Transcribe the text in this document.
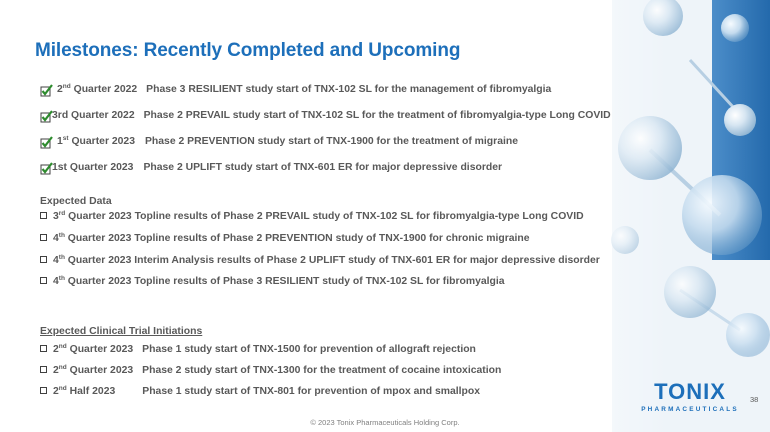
Milestones: Recently Completed and Upcoming
2nd Quarter 2022 Phase 3 RESILIENT study start of TNX-102 SL for the management of fibromyalgia
3rd Quarter 2022 Phase 2 PREVAIL study start of TNX-102 SL for the treatment of fibromyalgia-type Long COVID
1st Quarter 2023 Phase 2 PREVENTION study start of TNX-1900 for the treatment of migraine
1st Quarter 2023 Phase 2 UPLIFT study start of TNX-601 ER for major depressive disorder
Expected Data
3rd Quarter 2023 Topline results of Phase 2 PREVAIL study of TNX-102 SL for fibromyalgia-type Long COVID
4th Quarter 2023 Topline results of Phase 2 PREVENTION study of TNX-1900 for chronic migraine
4th Quarter 2023 Interim Analysis results of Phase 2 UPLIFT study of TNX-601 ER for major depressive disorder
4th Quarter 2023 Topline results of Phase 3 RESILIENT study of TNX-102 SL for fibromyalgia
Expected Clinical Trial Initiations
2nd Quarter 2023 Phase 1 study start of TNX-1500 for prevention of allograft rejection
2nd Quarter 2023 Phase 2 study start of TNX-1300 for the treatment of cocaine intoxication
2nd Half 2023	Phase 1 study start of TNX-801 for prevention of mpox and smallpox	TONIX
PHARMACEUTICALS
38
© 2023 Tonix Pharmaceuticals Holding Corp.
